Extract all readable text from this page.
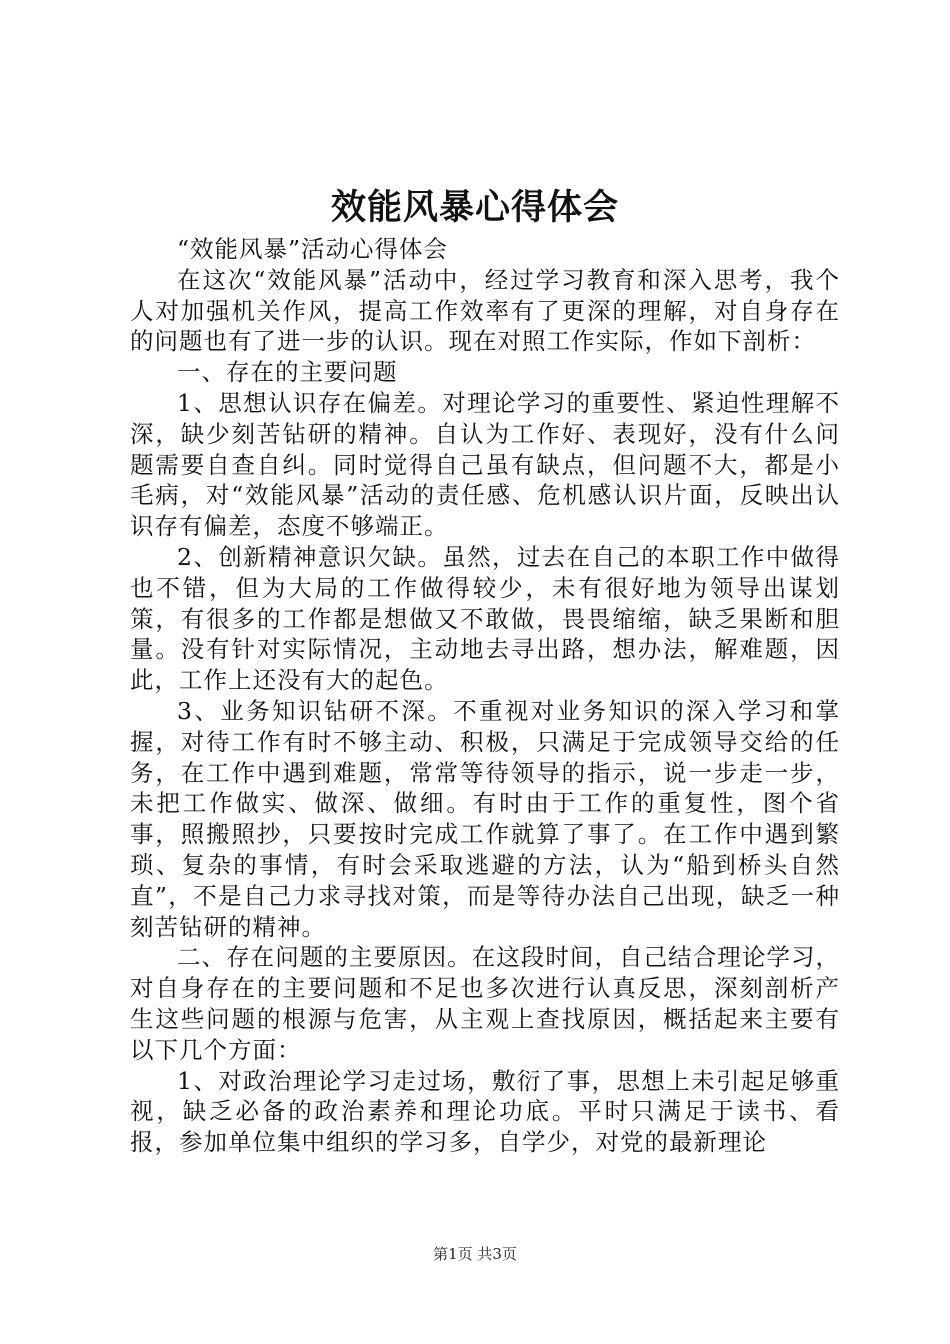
效能风暴心得体会

“效能风暴”活动心得体会

在这次“效能风暴”活动中，经过学习教育和深入思考，我个人对加强机关作风，提高工作效率有了更深的理解，对自身存在的问题也有了进一步的认识。现在对照工作实际，作如下剖析：

一、存在的主要问题

1、思想认识存在偏差。对理论学习的重要性、紧迫性理解不深，缺少刻苦钻研的精神。自认为工作好、表现好，没有什么问题需要自查自纠。同时觉得自己虽有缺点，但问题不大，都是小毛病，对“效能风暴”活动的责任感、危机感认识片面，反映出认识存有偏差，态度不够端正。

2、创新精神意识欠缺。虽然，过去在自己的本职工作中做得也不错，但为大局的工作做得较少，未有很好地为领导出谋划策，有很多的工作都是想做又不敢做，畏畏缩缩，缺乏果断和胆量。没有针对实际情况，主动地去寻出路，想办法，解难题，因此，工作上还没有大的起色。

3、业务知识钻研不深。不重视对业务知识的深入学习和掌握，对待工作有时不够主动、积极，只满足于完成领导交给的任务，在工作中遇到难题，常常等待领导的指示，说一步走一步，未把工作做实、做深、做细。有时由于工作的重复性，图个省事，照搬照抄，只要按时完成工作就算了事了。在工作中遇到繁琐、复杂的事情，有时会采取逃避的方法，认为“船到桥头自然直”，不是自己力求寻找对策，而是等待办法自己出现，缺乏一种刻苦钻研的精神。

二、存在问题的主要原因。在这段时间，自己结合理论学习，对自身存在的主要问题和不足也多次进行认真反思，深刻剖析产生这些问题的根源与危害，从主观上查找原因，概括起来主要有以下几个方面：

1、对政治理论学习走过场，敷衍了事，思想上未引起足够重视，缺乏必备的政治素养和理论功底。平时只满足于读书、看报，参加单位集中组织的学习多，自学少，对党的最新理论

第1页 共3页
